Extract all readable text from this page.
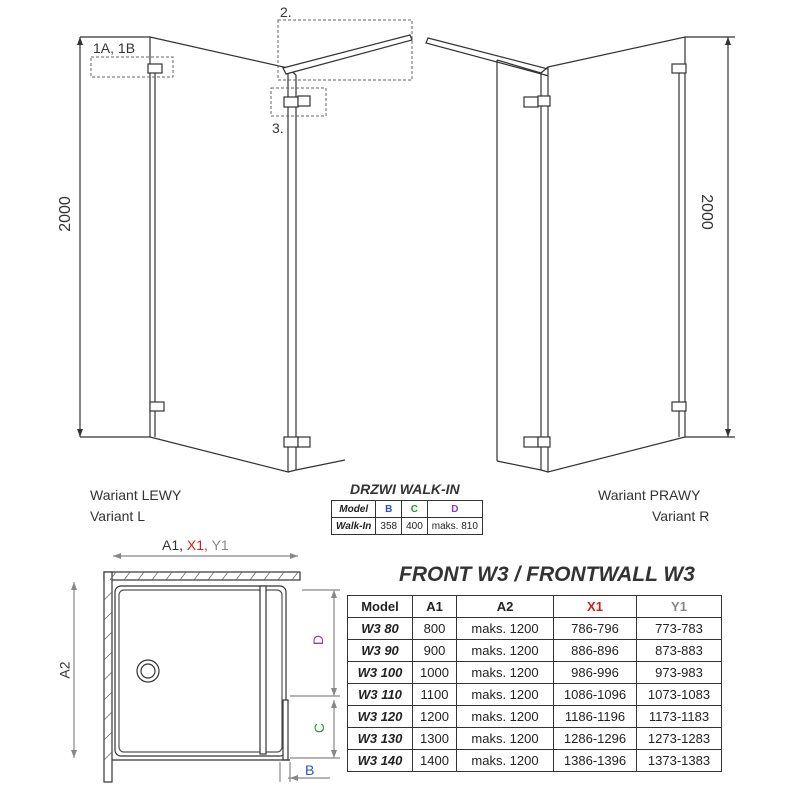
2000	2000
1A, 1B
2.
3.
Wariant LEWY
Variant L
Wariant PRAWY
Variant R
DRZWI WALK-IN
Model	B	C	D
Walk-In	358	400	maks. 810
A1, X1, Y1
A2
D
C
B
FRONT W3 / FRONTWALL W3
Model	A1	A2	X1	Y1
W3 80	800	maks. 1200	786-796	773-783
W3 90	900	maks. 1200	886-896	873-883
W3 100	1000	maks. 1200	986-996	973-983
W3 110	1100	maks. 1200	1086-1096	1073-1083
W3 120	1200	maks. 1200	1186-1196	1173-1183
W3 130	1300	maks. 1200	1286-1296	1273-1283
W3 140	1400	maks. 1200	1386-1396	1373-1383
